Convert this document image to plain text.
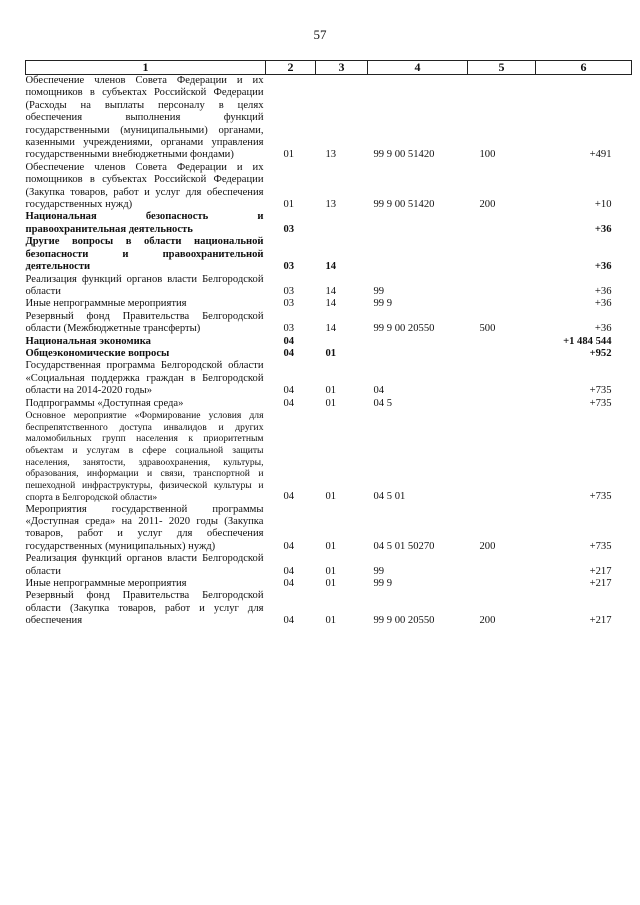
57
1	2	3	4	5	6
Обеспечение членов Совета Федерации и их помощников в субъектах Российской Федерации (Расходы на выплаты персоналу в целях обеспечения выполнения функций государственными (муниципальными) органами, казенными учреждениями, органами управления государственными внебюджетными фондами)	01	13	99 9 00 51420	100	+491
Обеспечение членов Совета Федерации и их помощников в субъектах Российской Федерации (Закупка товаров, работ и услуг для обеспечения государственных нужд)	01	13	99 9 00 51420	200	+10
Национальная безопасность и правоохранительная деятельность	03				+36
Другие вопросы в области национальной безопасности и правоохранительной деятельности	03	14			+36
Реализация функций органов власти Белгородской области	03	14	99		+36
Иные непрограммные мероприятия	03	14	99 9		+36
Резервный фонд Правительства Белгородской области (Межбюджетные трансферты)	03	14	99 9 00 20550	500	+36
Национальная экономика	04				+1 484 544
Общеэкономические вопросы	04	01			+952
Государственная программа Белгородской области «Социальная поддержка граждан в Белгородской области на 2014-2020 годы»	04	01	04		+735
Подпрограммы «Доступная среда»	04	01	04 5		+735
Основное мероприятие «Формирование условия для беспрепятственного доступа инвалидов и других маломобильных групп населения к приоритетным объектам и услугам в сфере социальной защиты населения, занятости, здравоохранения, культуры, образования, информации и связи, транспортной и пешеходной инфраструктуры, физической культуры и спорта в Белгородской области»	04	01	04 5 01		+735
Мероприятия государственной программы «Доступная среда» на 2011- 2020 годы (Закупка товаров, работ и услуг для обеспечения государственных (муниципальных) нужд)	04	01	04 5 01 50270	200	+735
Реализация функций органов власти Белгородской области	04	01	99		+217
Иные непрограммные мероприятия	04	01	99 9		+217
Резервный фонд Правительства Белгородской области (Закупка товаров, работ и услуг для обеспечения	04	01	99 9 00 20550	200	+217
